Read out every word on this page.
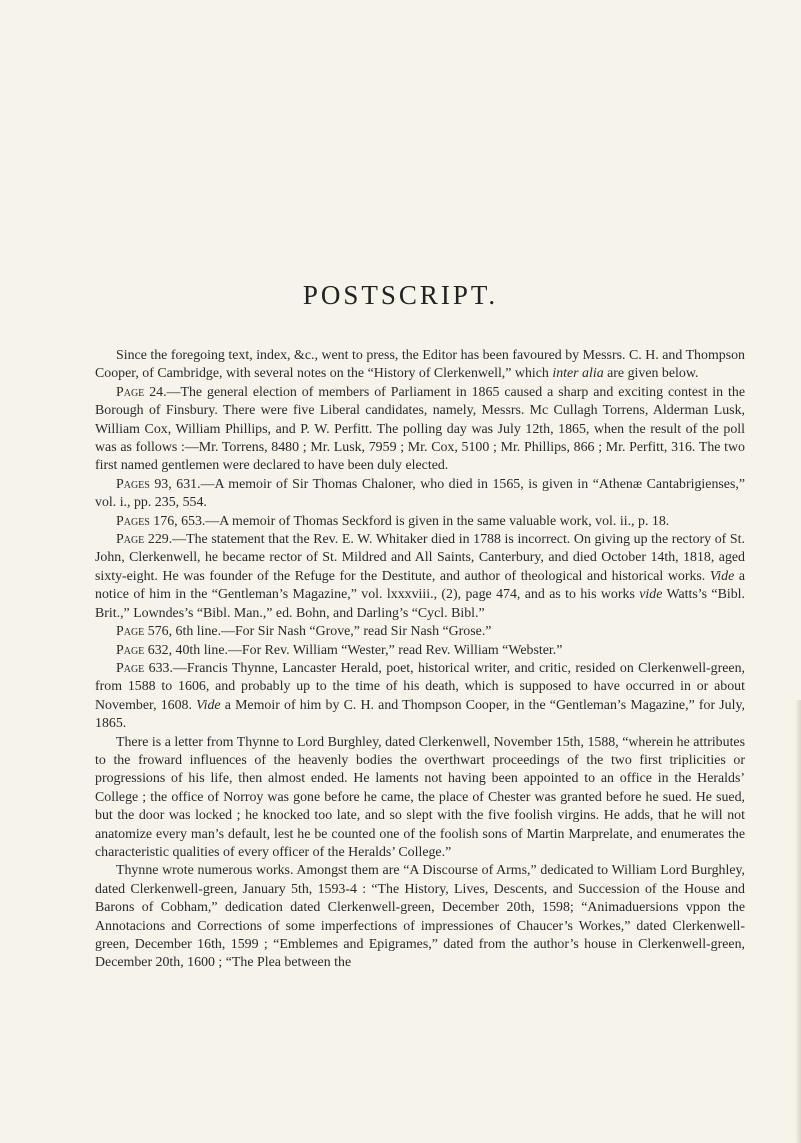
POSTSCRIPT.

Since the foregoing text, index, &c., went to press, the Editor has been favoured by Messrs. C. H. and Thompson Cooper, of Cambridge, with several notes on the “History of Clerkenwell,” which inter alia are given below.

Page 24.—The general election of members of Parliament in 1865 caused a sharp and exciting contest in the Borough of Finsbury. There were five Liberal candidates, namely, Messrs. Mc Cullagh Torrens, Alderman Lusk, William Cox, William Phillips, and P. W. Perfitt. The polling day was July 12th, 1865, when the result of the poll was as follows :—Mr. Torrens, 8480 ; Mr. Lusk, 7959 ; Mr. Cox, 5100 ; Mr. Phillips, 866 ; Mr. Perfitt, 316. The two first named gentlemen were declared to have been duly elected.

Pages 93, 631.—A memoir of Sir Thomas Chaloner, who died in 1565, is given in “Athenæ Cantabrigienses,” vol. i., pp. 235, 554.

Pages 176, 653.—A memoir of Thomas Seckford is given in the same valuable work, vol. ii., p. 18.

Page 229.—The statement that the Rev. E. W. Whitaker died in 1788 is incorrect. On giving up the rectory of St. John, Clerkenwell, he became rector of St. Mildred and All Saints, Canterbury, and died October 14th, 1818, aged sixty-eight. He was founder of the Refuge for the Destitute, and author of theological and historical works. Vide a notice of him in the “Gentleman’s Magazine,” vol. lxxxviii., (2), page 474, and as to his works vide Watts’s “Bibl. Brit.,” Lowndes’s “Bibl. Man.,” ed. Bohn, and Darling’s “Cycl. Bibl.”

Page 576, 6th line.—For Sir Nash “Grove,” read Sir Nash “Grose.”

Page 632, 40th line.—For Rev. William “Wester,” read Rev. William “Webster.”

Page 633.—Francis Thynne, Lancaster Herald, poet, historical writer, and critic, resided on Clerkenwell-green, from 1588 to 1606, and probably up to the time of his death, which is supposed to have occurred in or about November, 1608. Vide a Memoir of him by C. H. and Thompson Cooper, in the “Gentleman’s Magazine,” for July, 1865.

There is a letter from Thynne to Lord Burghley, dated Clerkenwell, November 15th, 1588, “wherein he attributes to the froward influences of the heavenly bodies the overthwart proceedings of the two first triplicities or progressions of his life, then almost ended. He laments not having been appointed to an office in the Heralds’ College ; the office of Norroy was gone before he came, the place of Chester was granted before he sued. He sued, but the door was locked ; he knocked too late, and so slept with the five foolish virgins. He adds, that he will not anatomize every man’s default, lest he be counted one of the foolish sons of Martin Marprelate, and enumerates the characteristic qualities of every officer of the Heralds’ College.”

Thynne wrote numerous works. Amongst them are “A Discourse of Arms,” dedicated to William Lord Burghley, dated Clerkenwell-green, January 5th, 1593-4 : “The History, Lives, Descents, and Succession of the House and Barons of Cobham,” dedication dated Clerkenwell-green, December 20th, 1598; “Animaduersions vppon the Annotacions and Corrections of some imperfections of impressiones of Chaucer’s Workes,” dated Clerkenwell-green, December 16th, 1599 ; “Emblemes and Epigrames,” dated from the author’s house in Clerkenwell-green, December 20th, 1600 ; “The Plea between the
